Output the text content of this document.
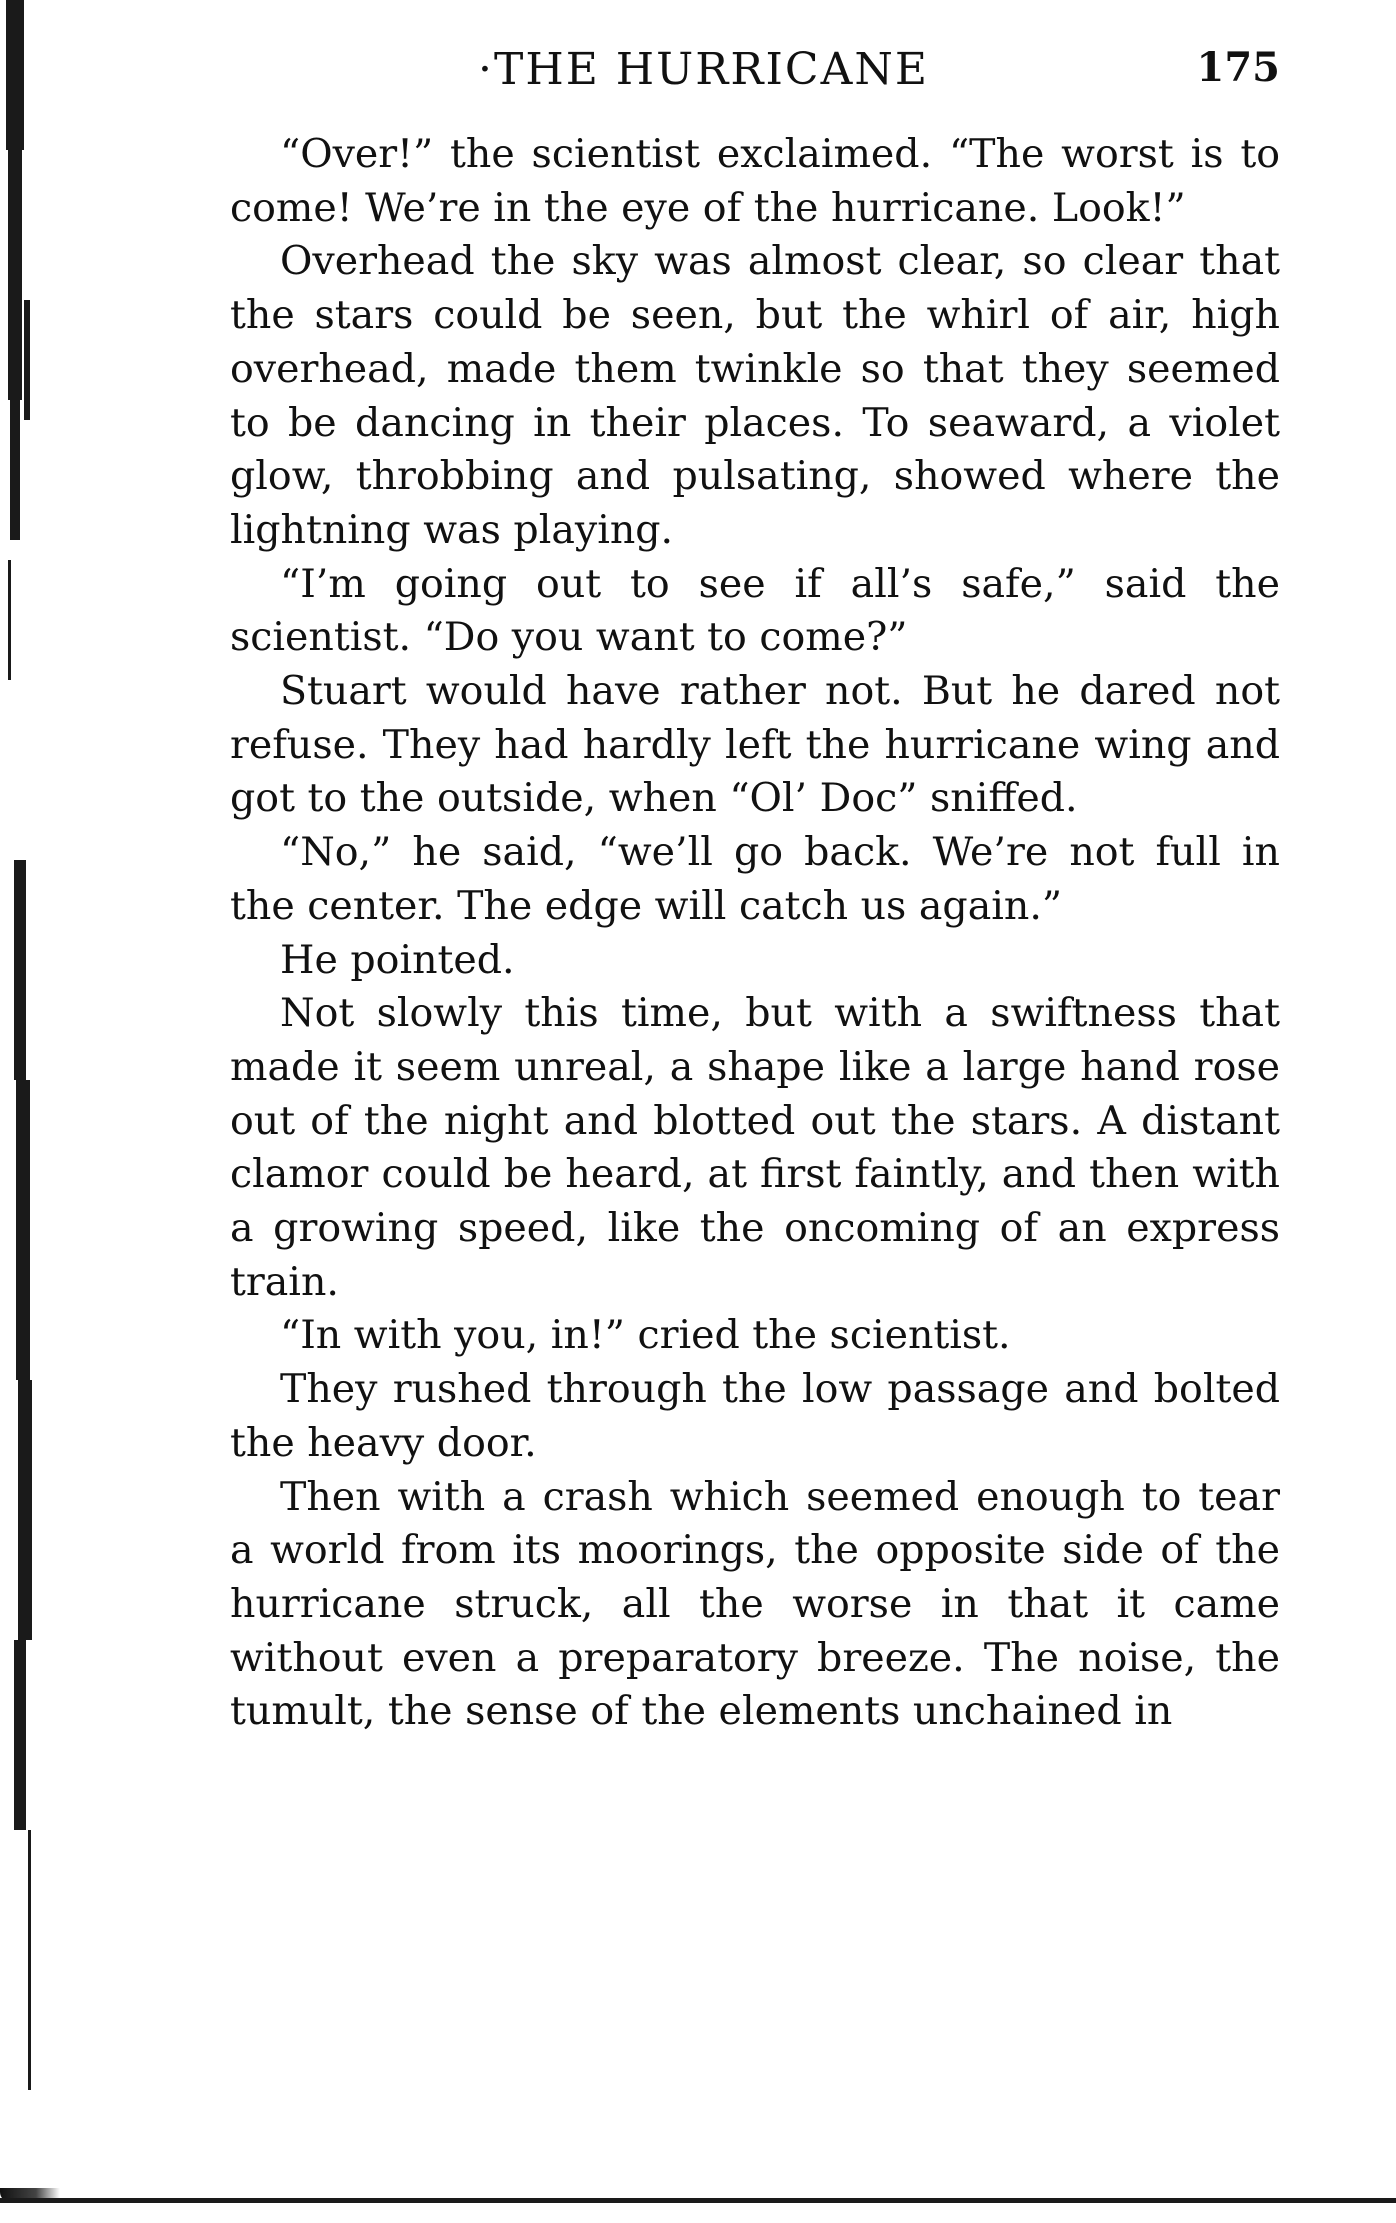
·THE HURRICANE	175

“Over!” the scientist exclaimed. “The worst is to come! We’re in the eye of the hurricane. Look!”

Overhead the sky was almost clear, so clear that the stars could be seen, but the whirl of air, high overhead, made them twinkle so that they seemed to be dancing in their places. To seaward, a violet glow, throbbing and pulsating, showed where the lightning was playing.

“I’m going out to see if all’s safe,” said the scientist. “Do you want to come?”

Stuart would have rather not. But he dared not refuse. They had hardly left the hurricane wing and got to the outside, when “Ol’ Doc” sniffed.

“No,” he said, “we’ll go back. We’re not full in the center. The edge will catch us again.”

He pointed.

Not slowly this time, but with a swiftness that made it seem unreal, a shape like a large hand rose out of the night and blotted out the stars. A distant clamor could be heard, at first faintly, and then with a growing speed, like the oncoming of an express train.

“In with you, in!” cried the scientist.

They rushed through the low passage and bolted the heavy door.

Then with a crash which seemed enough to tear a world from its moorings, the opposite side of the hurricane struck, all the worse in that it came without even a preparatory breeze. The noise, the tumult, the sense of the elements unchained in
